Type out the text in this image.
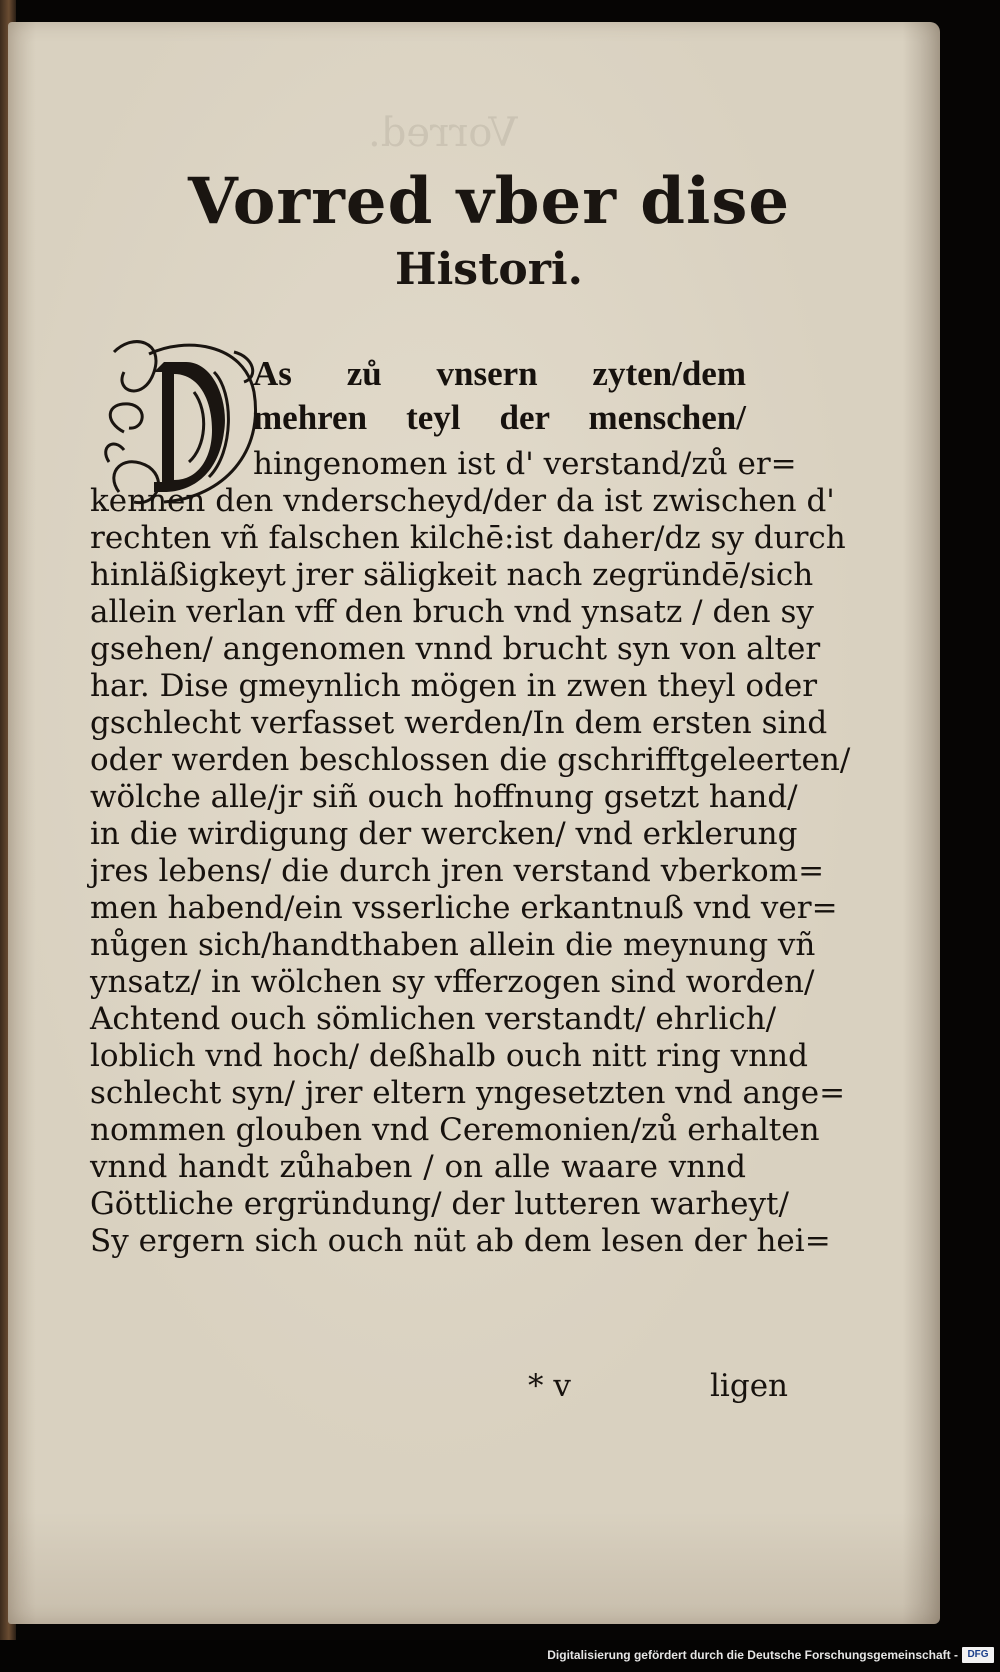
Vorred.
Vorred vber dise
Histori.

As zů vnsern zyten/dem

mehren teyl der menschen/

hingenomen ist d' verstand/zů er=

kennen den vnderscheyd/der da ist zwischen d'

rechten vñ falschen kilchē:ist daher/dz sy durch

hinläßigkeyt jrer säligkeit nach zegründē/sich

allein verlan vff den bruch vnd ynsatz / den sy

gsehen/ angenomen vnnd brucht syn von alter

har. Dise gmeynlich mögen in zwen theyl oder

gschlecht verfasset werden/In dem ersten sind

oder werden beschlossen die gschrifftgeleerten/

wölche alle/jr siñ ouch hoffnung gsetzt hand/

in die wirdigung der wercken/ vnd erklerung

jres lebens/ die durch jren verstand vberkom=

men habend/ein vsserliche erkantnuß vnd ver=

nůgen sich/handthaben allein die meynung vñ

ynsatz/ in wölchen sy vfferzogen sind worden/

Achtend ouch sömlichen verstandt/ ehrlich/

loblich vnd hoch/ deßhalb ouch nitt ring vnnd

schlecht syn/ jrer eltern yngesetzten vnd ange=

nommen glouben vnd Ceremonien/zů erhalten

vnnd handt zůhaben / on alle waare vnnd

Göttliche ergründung/ der lutteren warheyt/

Sy ergern sich ouch nüt ab dem lesen der hei=

* v	ligen
Digitalisierung gefördert durch die Deutsche Forschungsgemeinschaft - DFG
